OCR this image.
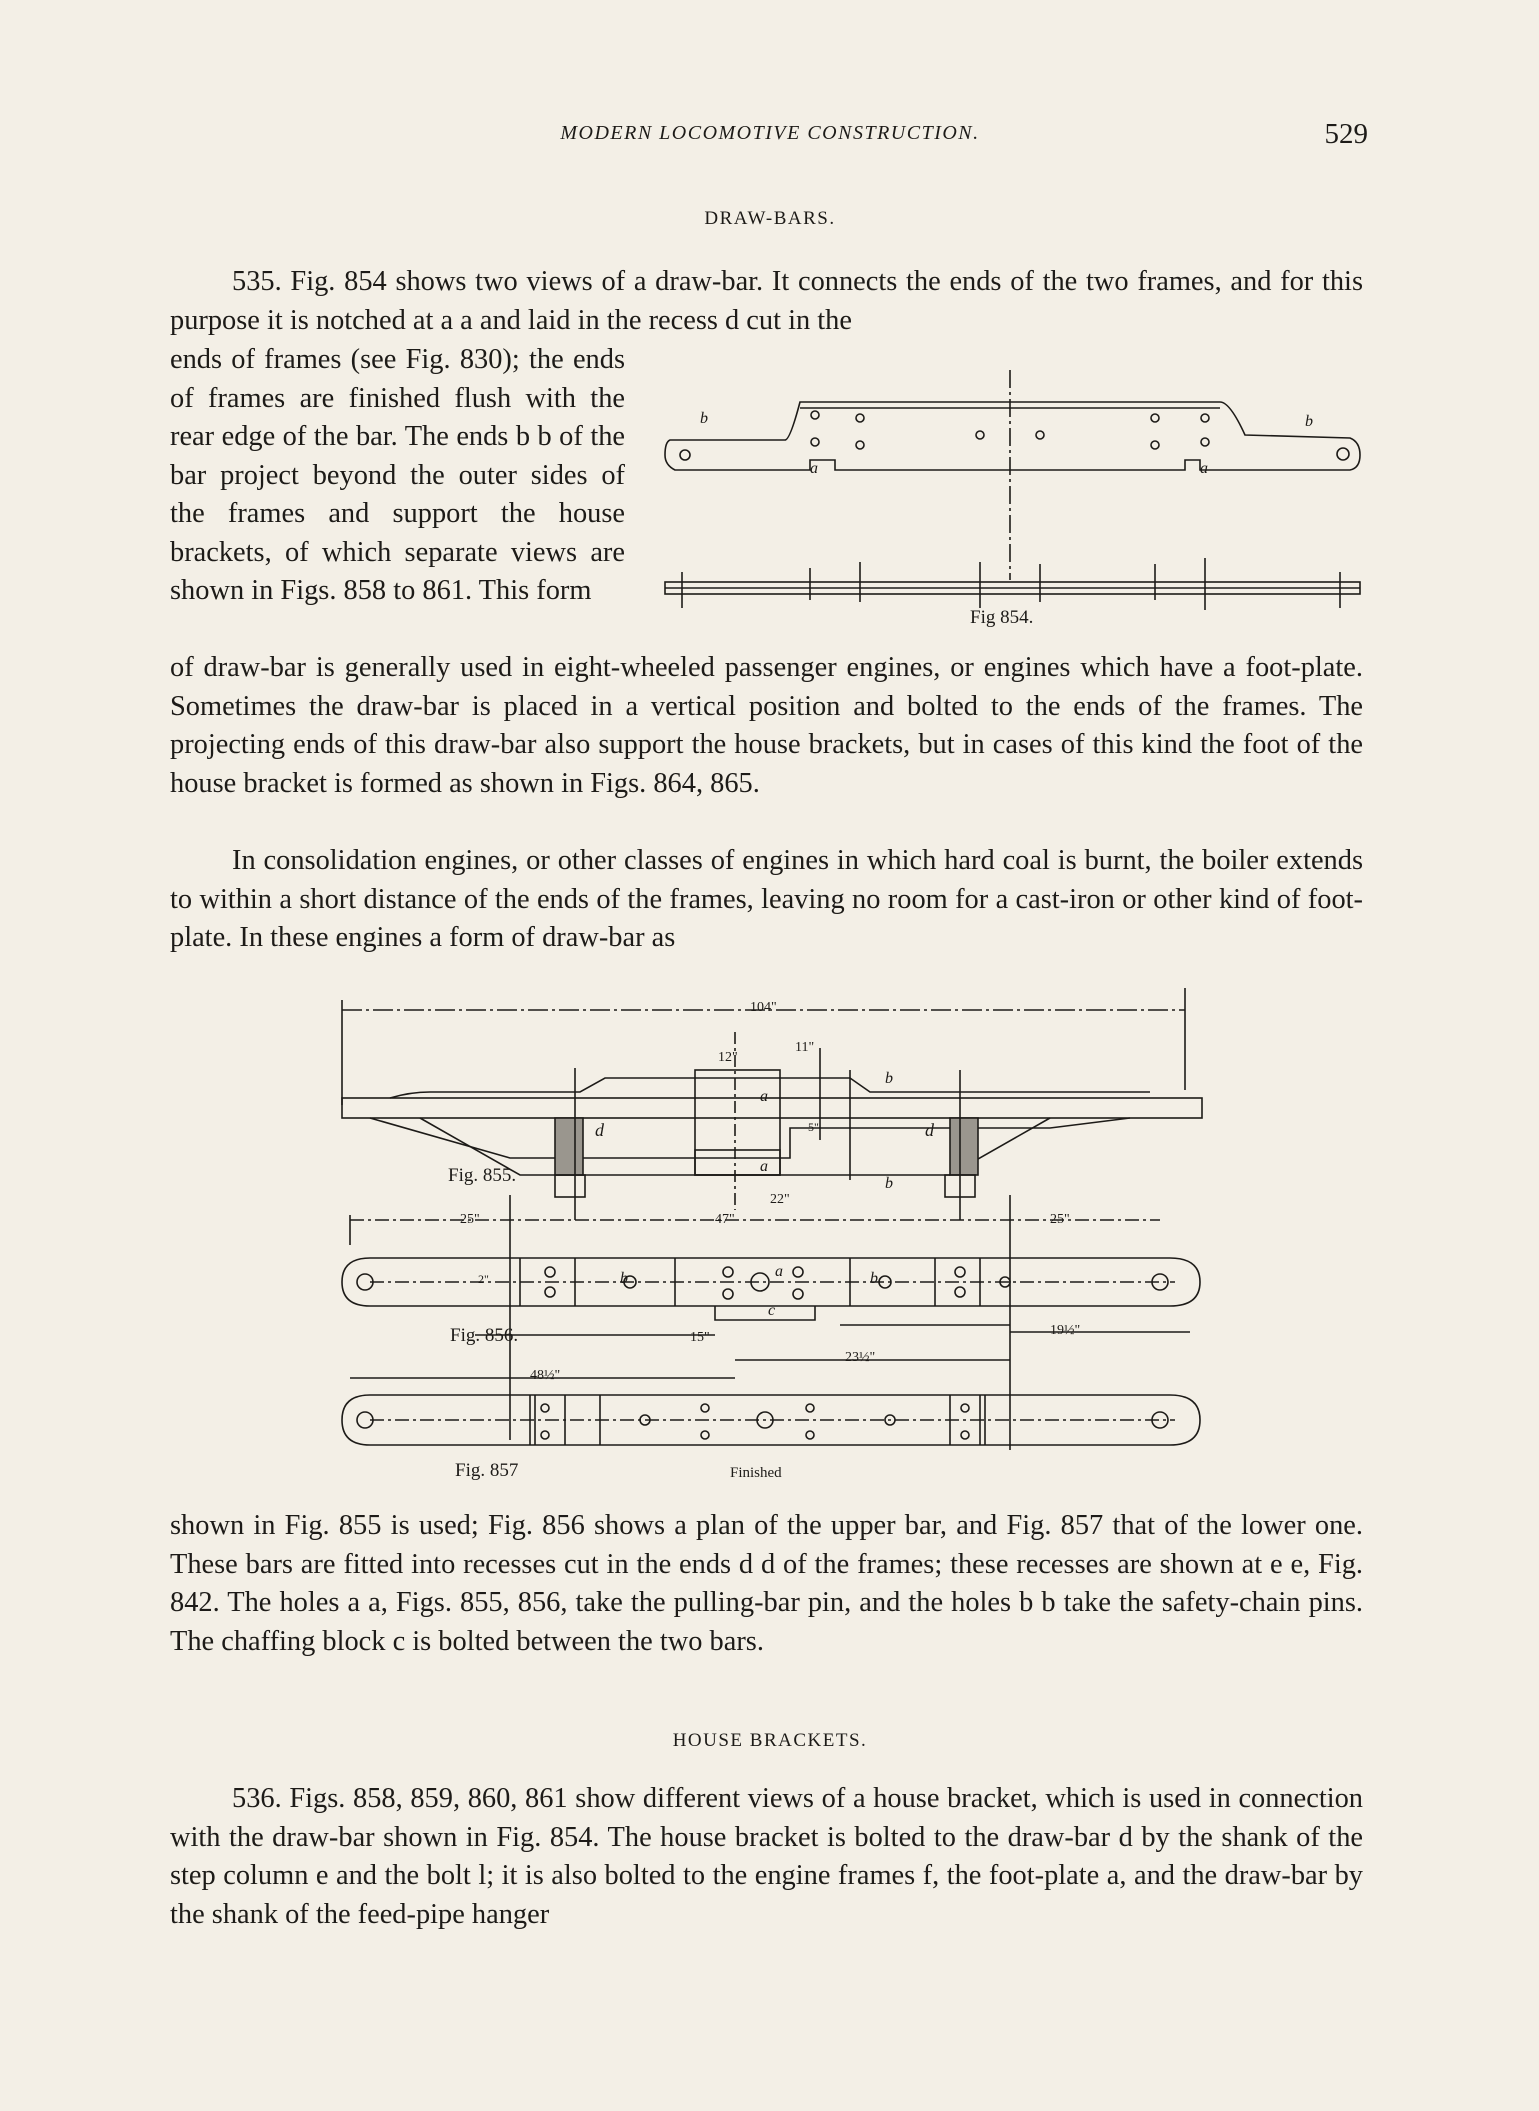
MODERN LOCOMOTIVE CONSTRUCTION.	529
DRAW-BARS.

535. Fig. 854 shows two views of a draw-bar. It connects the ends of the two frames, and for this purpose it is notched at a a and laid in the recess d cut in the

ends of frames (see Fig. 830); the ends of frames are finished flush with the rear edge of the bar. The ends b b of the bar project beyond the outer sides of the frames and support the house brackets, of which separate views are shown in Figs. 858 to 861. This form
b	b
a	a
Fig 854.

of draw-bar is generally used in eight-wheeled passenger engines, or engines which have a foot-plate. Sometimes the draw-bar is placed in a vertical position and bolted to the ends of the frames. The projecting ends of this draw-bar also support the house brackets, but in cases of this kind the foot of the house bracket is formed as shown in Figs. 864, 865.

In consolidation engines, or other classes of engines in which hard coal is burnt, the boiler extends to within a short distance of the ends of the frames, leaving no room for a cast-iron or other kind of foot-plate. In these engines a form of draw-bar as

104"
12"
11"
5"
a
a
b
b
d	d
Fig. 855.
22"
25"	47"	25"
2"	a
b	b
c
Fig. 856.	15"	19½"
23½"
48½"
Fig. 857	Finished

shown in Fig. 855 is used; Fig. 856 shows a plan of the upper bar, and Fig. 857 that of the lower one. These bars are fitted into recesses cut in the ends d d of the frames; these recesses are shown at e e, Fig. 842. The holes a a, Figs. 855, 856, take the pulling-bar pin, and the holes b b take the safety-chain pins. The chaffing block c is bolted between the two bars.

HOUSE BRACKETS.

536. Figs. 858, 859, 860, 861 show different views of a house bracket, which is used in connection with the draw-bar shown in Fig. 854. The house bracket is bolted to the draw-bar d by the shank of the step column e and the bolt l; it is also bolted to the engine frames f, the foot-plate a, and the draw-bar by the shank of the feed-pipe hanger
